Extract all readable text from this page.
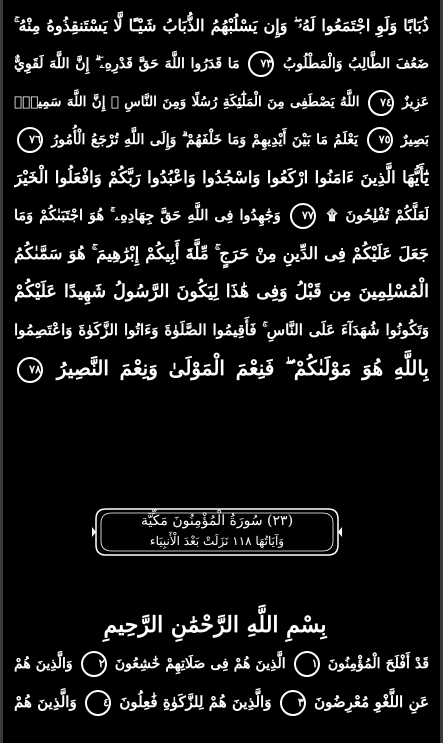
ذُبَابًا وَلَوِ اجْتَمَعُوا لَهُۥ ۖ وَإِن يَسْلُبْهُمُ الذُّبَابُ شَيْـًٔا لَّا يَسْتَنقِذُوهُ مِنْهُ ۚ
ضَعُفَ الطَّالِبُ وَالْمَطْلُوبُ ٧٣ مَا قَدَرُوا اللَّهَ حَقَّ قَدْرِهِۦٓ ۗ إِنَّ اللَّهَ لَقَوِيٌّ
عَزِيزٌ ٧٤ اللَّهُ يَصْطَفِى مِنَ الْمَلَٰٓئِكَةِ رُسُلًا وَمِنَ النَّاسِ ۚ إِنَّ اللَّهَ سَمِيعٌۢ
بَصِيرٌ ٧٥ يَعْلَمُ مَا بَيْنَ أَيْدِيهِمْ وَمَا خَلْفَهُمْ ۗ وَإِلَى اللَّهِ تُرْجَعُ الْأُمُورُ ٧٦
يَٰٓأَيُّهَا الَّذِينَ ءَامَنُوا ارْكَعُوا وَاسْجُدُوا وَاعْبُدُوا رَبَّكُمْ وَافْعَلُوا الْخَيْرَ
لَعَلَّكُمْ تُفْلِحُونَ ۩ ٧٧ وَجَٰهِدُوا فِى اللَّهِ حَقَّ جِهَادِهِۦ ۚ هُوَ اجْتَبَىٰكُمْ وَمَا
جَعَلَ عَلَيْكُمْ فِى الدِّينِ مِنْ حَرَجٍ ۚ مِّلَّةَ أَبِيكُمْ إِبْرَٰهِيمَ ۚ هُوَ سَمَّىٰكُمُ
الْمُسْلِمِينَ مِن قَبْلُ وَفِى هَٰذَا لِيَكُونَ الرَّسُولُ شَهِيدًا عَلَيْكُمْ
وَتَكُونُوا شُهَدَآءَ عَلَى النَّاسِ ۚ فَأَقِيمُوا الصَّلَوٰةَ وَءَاتُوا الزَّكَوٰةَ وَاعْتَصِمُوا
بِاللَّهِ هُوَ مَوْلَىٰكُمْ ۖ فَنِعْمَ الْمَوْلَىٰ وَنِعْمَ النَّصِيرُ ٧٨
(٢٣) سُورَةُ الْمُؤْمِنُونَ مَكِّيَّة
وَآيَاتُهَا ١١٨ نَزَلَتْ بَعْدَ الْأَنبِيَاء
بِسْمِ اللَّهِ الرَّحْمَٰنِ الرَّحِيمِ
قَدْ أَفْلَحَ الْمُؤْمِنُونَ ١ الَّذِينَ هُمْ فِى صَلَاتِهِمْ خَٰشِعُونَ ٢ وَالَّذِينَ هُمْ
عَنِ اللَّغْوِ مُعْرِضُونَ ٣ وَالَّذِينَ هُمْ لِلزَّكَوٰةِ فَٰعِلُونَ ٤ وَالَّذِينَ هُمْ
